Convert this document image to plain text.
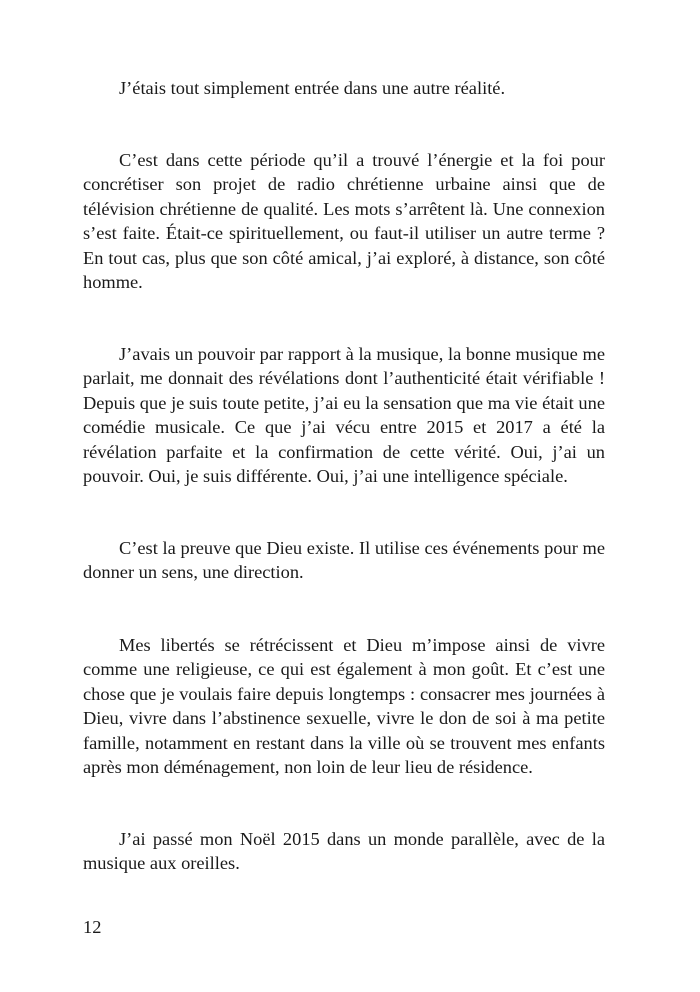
J’étais tout simplement entrée dans une autre réalité.

C’est dans cette période qu’il a trouvé l’énergie et la foi pour concrétiser son projet de radio chrétienne urbaine ainsi que de télévision chrétienne de qualité. Les mots s’arrêtent là. Une connexion s’est faite. Était-ce spirituellement, ou faut-il utiliser un autre terme ? En tout cas, plus que son côté amical, j’ai exploré, à distance, son côté homme.

J’avais un pouvoir par rapport à la musique, la bonne musique me parlait, me donnait des révélations dont l’authenticité était vérifiable ! Depuis que je suis toute petite, j’ai eu la sensation que ma vie était une comédie musicale. Ce que j’ai vécu entre 2015 et 2017 a été la révélation parfaite et la confirmation de cette vérité. Oui, j’ai un pouvoir. Oui, je suis différente. Oui, j’ai une intelligence spéciale.

C’est la preuve que Dieu existe. Il utilise ces événements pour me donner un sens, une direction.

Mes libertés se rétrécissent et Dieu m’impose ainsi de vivre comme une religieuse, ce qui est également à mon goût. Et c’est une chose que je voulais faire depuis longtemps : consacrer mes journées à Dieu, vivre dans l’abstinence sexuelle, vivre le don de soi à ma petite famille, notamment en restant dans la ville où se trouvent mes enfants après mon déménagement, non loin de leur lieu de résidence.

J’ai passé mon Noël 2015 dans un monde parallèle, avec de la musique aux oreilles.

12
